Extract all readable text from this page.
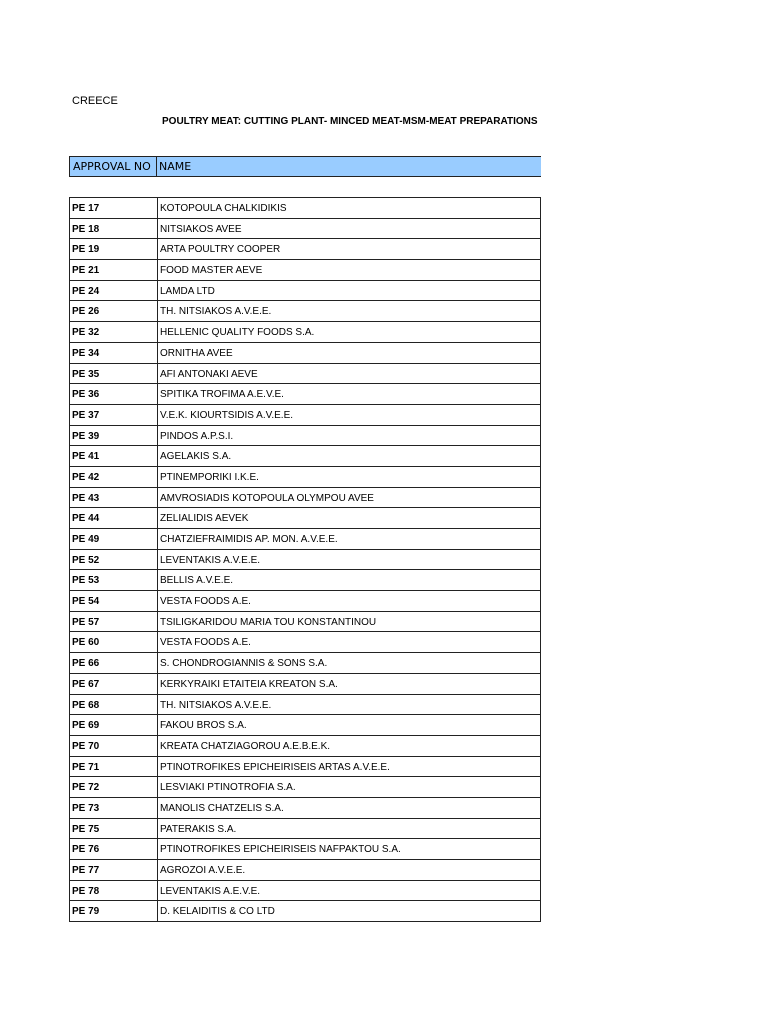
CREECE
POULTRY MEAT: CUTTING PLANT- MINCED MEAT-MSM-MEAT PREPARATIONS
APPROVAL NO NAME
PE 17	KOTOPOULA CHALKIDIKIS
PE 18	NITSIAKOS AVEE
PE 19	ARTA POULTRY COOPER
PE 21	FOOD MASTER AEVE
PE 24	LAMDA LTD
PE 26	TH. NITSIAKOS A.V.E.E.
PE 32	HELLENIC QUALITY FOODS S.A.
PE 34	ORNITHA AVEE
PE 35	AFI ANTONAKI AEVE
PE 36	SPITIKA TROFIMA A.E.V.E.
PE 37	V.E.K. KIOURTSIDIS A.V.E.E.
PE 39	PINDOS A.P.S.I.
PE 41	AGELAKIS S.A.
PE 42	PTINEMPORIKI I.K.E.
PE 43	AMVROSIADIS KOTOPOULA OLYMPOU AVEE
PE 44	ZELIALIDIS AEVEK
PE 49	CHATZIEFRAIMIDIS AP. MON. A.V.E.E.
PE 52	LEVENTAKIS A.V.E.E.
PE 53	BELLIS A.V.E.E.
PE 54	VESTA FOODS A.E.
PE 57	TSILIGKARIDOU MARIA TOU KONSTANTINOU
PE 60	VESTA FOODS A.E.
PE 66	S. CHONDROGIANNIS & SONS S.A.
PE 67	KERKYRAIKI ETAITEIA KREATON S.A.
PE 68	TH. NITSIAKOS A.V.E.E.
PE 69	FAKOU BROS S.A.
PE 70	KREATA CHATZIAGOROU A.E.B.E.K.
PE 71	PTINOTROFIKES EPICHEIRISEIS ARTAS A.V.E.E.
PE 72	LESVIAKI PTINOTROFIA S.A.
PE 73	MANOLIS CHATZELIS S.A.
PE 75	PATERAKIS S.A.
PE 76	PTINOTROFIKES EPICHEIRISEIS NAFPAKTOU S.A.
PE 77	AGROZOI A.V.E.E.
PE 78	LEVENTAKIS A.E.V.E.
PE 79	D. KELAIDITIS & CO LTD
